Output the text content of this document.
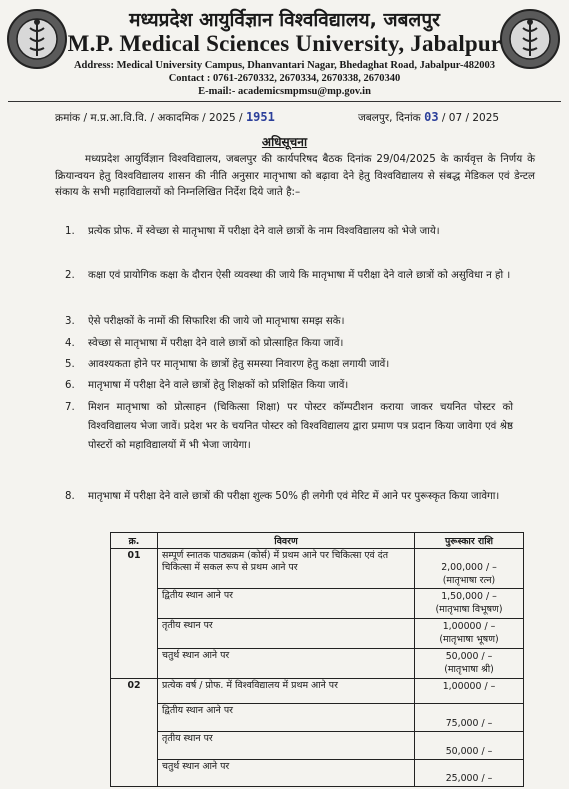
मध्यप्रदेश आयुर्विज्ञान विश्वविद्यालय, जबलपुर
M.P. Medical Sciences University, Jabalpur
Address: Medical University Campus, Dhanvantari Nagar, Bhedaghat Road, Jabalpur-482003
Contact : 0761-2670332, 2670334, 2670338, 2670340
E-mail:- academicsmpmsu@mp.gov.in
क्रमांक / म.प्र.आ.वि.वि. / अकादमिक / 2025 / 1951	जबलपुर, दिनांक 03 / 07 / 2025
अधिसूचना
मध्यप्रदेश आयुर्विज्ञान विश्वविद्यालय, जबलपुर की कार्यपरिषद बैठक दिनांक 29/04/2025 के कार्यवृत्त के निर्णय के क्रियान्वयन हेतु विश्वविद्यालय शासन की नीति अनुसार मातृभाषा को बढ़ावा देने हेतु विश्वविद्यालय से संबद्ध मेडिकल एवं डेन्टल संकाय के सभी महाविद्यालयों को निम्नलिखित निर्देश दिये जाते है:–
1. प्रत्येक प्रोफ. में स्वेच्छा से मातृभाषा में परीक्षा देने वाले छात्रों के नाम विश्वविद्यालय को भेजे जाये।
2. कक्षा एवं प्रायोगिक कक्षा के दौरान ऐसी व्यवस्था की जाये कि मातृभाषा में परीक्षा देने वाले छात्रों को असुविधा न हो ।
3. ऐसे परीक्षकों के नामों की सिफारिश की जाये जो मातृभाषा समझ सके।
4. स्वेच्छा से मातृभाषा में परीक्षा देने वाले छात्रों को प्रोत्साहित किया जावें।
5. आवश्यकता होने पर मातृभाषा के छात्रों हेतु समस्या निवारण हेतु कक्षा लगायी जावें।
6. मातृभाषा में परीक्षा देने वाले छात्रों हेतु शिक्षकों को प्रशिक्षित किया जावें।
7. मिशन मातृभाषा को प्रोत्साहन (चिकित्सा शिक्षा) पर पोस्टर कॉम्पटीशन कराया जाकर चयनित पोस्टर को विश्वविद्यालय भेजा जावें। प्रदेश भर के चयनित पोस्टर को विश्वविद्यालय द्वारा प्रमाण पत्र प्रदान किया जावेगा एवं श्रेष्ठ पोस्टरों को महाविद्यालयों में भी भेजा जायेगा।
8. मातृभाषा में परीक्षा देने वाले छात्रों की परीक्षा शुल्क 50% ही लगेगी एवं मेरिट में आने पर पुरूस्कृत किया जावेगा।
क्र.	विवरण	पुरूस्कार राशि
01	सम्पूर्ण स्नातक पाठ्यक्रम (कोर्स) में प्रथम आने पर चिकित्सा एवं दंत चिकित्सा में सकल रूप से प्रथम आने पर	2,00,000 / –
(मातृभाषा रत्न)

	द्वितीय स्थान आने पर	1,50,000 / –
(मातृभाषा विभूषण)

	तृतीय स्थान पर	1,00000 / –
(मातृभाषा भूषण)

	चतुर्थ स्थान आने पर	50,000 / –
(मातृभाषा श्री)

02	प्रत्येक वर्ष / प्रोफ. में विश्वविद्यालय में प्रथम आने पर	1,00000 / –

	द्वितीय स्थान आने पर	75,000 / –

	तृतीय स्थान पर	50,000 / –

	चतुर्थ स्थान आने पर	25,000 / –
